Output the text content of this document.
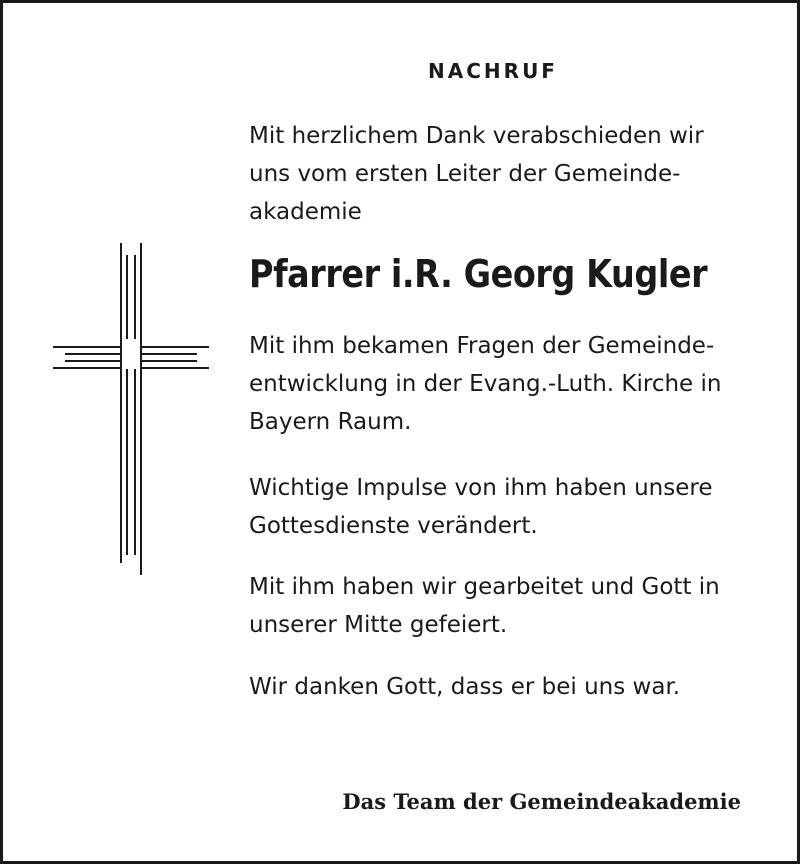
NACHRUF

Mit herzlichem Dank verabschieden wir uns vom ersten Leiter der Gemeinde-akademie

Pfarrer i.R. Georg Kugler

Mit ihm bekamen Fragen der Gemeinde-entwicklung in der Evang.-Luth. Kirche in Bayern Raum.

Wichtige Impulse von ihm haben unsere Gottesdienste verändert.

Mit ihm haben wir gearbeitet und Gott in unserer Mitte gefeiert.

Wir danken Gott, dass er bei uns war.

Das Team der Gemeindeakademie
